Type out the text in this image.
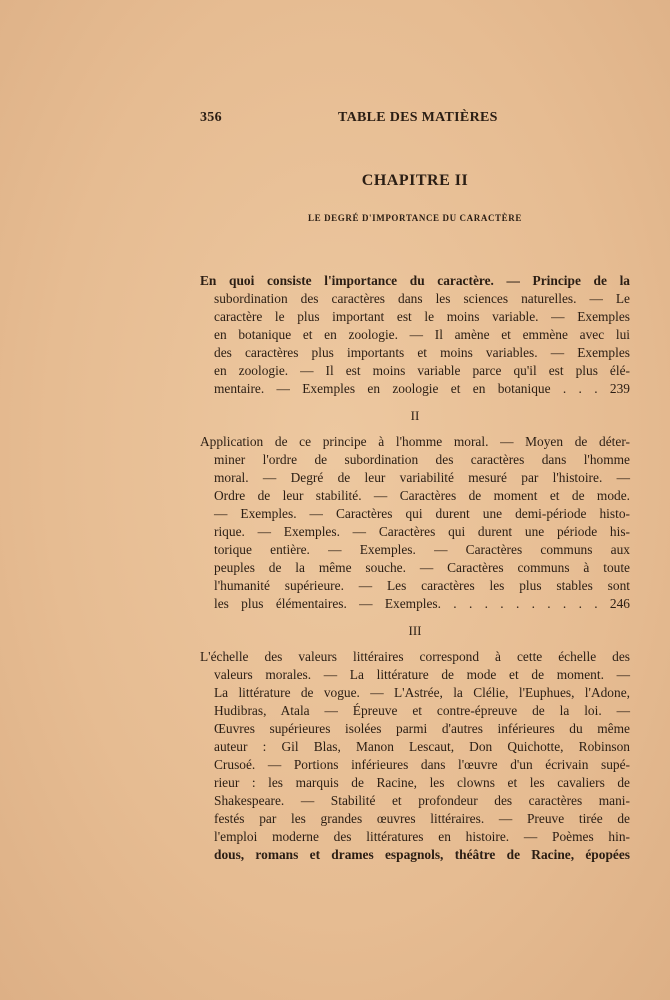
356	TABLE DES MATIÈRES
CHAPITRE II
LE DEGRÉ D'IMPORTANCE DU CARACTÈRE

En quoi consiste l'importance du caractère. — Principe de la
subordination des caractères dans les sciences naturelles. — Le
caractère le plus important est le moins variable. — Exemples
en botanique et en zoologie. — Il amène et emmène avec lui
des caractères plus importants et moins variables. — Exemples
en zoologie. — Il est moins variable parce qu'il est plus élé-
mentaire. — Exemples en zoologie et en botanique . . . 239

II

Application de ce principe à l'homme moral. — Moyen de déter-
miner l'ordre de subordination des caractères dans l'homme
moral. — Degré de leur variabilité mesuré par l'histoire. —
Ordre de leur stabilité. — Caractères de moment et de mode.
— Exemples. — Caractères qui durent une demi-période histo-
rique. — Exemples. — Caractères qui durent une période his-
torique entière. — Exemples. — Caractères communs aux
peuples de la même souche. — Caractères communs à toute
l'humanité supérieure. — Les caractères les plus stables sont
les plus élémentaires. — Exemples. . . . . . . . . . . 246

III

L'échelle des valeurs littéraires correspond à cette échelle des
valeurs morales. — La littérature de mode et de moment. —
La littérature de vogue. — L'Astrée, la Clélie, l'Euphues, l'Adone,
Hudibras, Atala — Épreuve et contre-épreuve de la loi. —
Œuvres supérieures isolées parmi d'autres inférieures du même
auteur : Gil Blas, Manon Lescaut, Don Quichotte, Robinson
Crusoé. — Portions inférieures dans l'œuvre d'un écrivain supé-
rieur : les marquis de Racine, les clowns et les cavaliers de
Shakespeare. — Stabilité et profondeur des caractères mani-
festés par les grandes œuvres littéraires. — Preuve tirée de
l'emploi moderne des littératures en histoire. — Poèmes hin-
dous, romans et drames espagnols, théâtre de Racine, épopées
